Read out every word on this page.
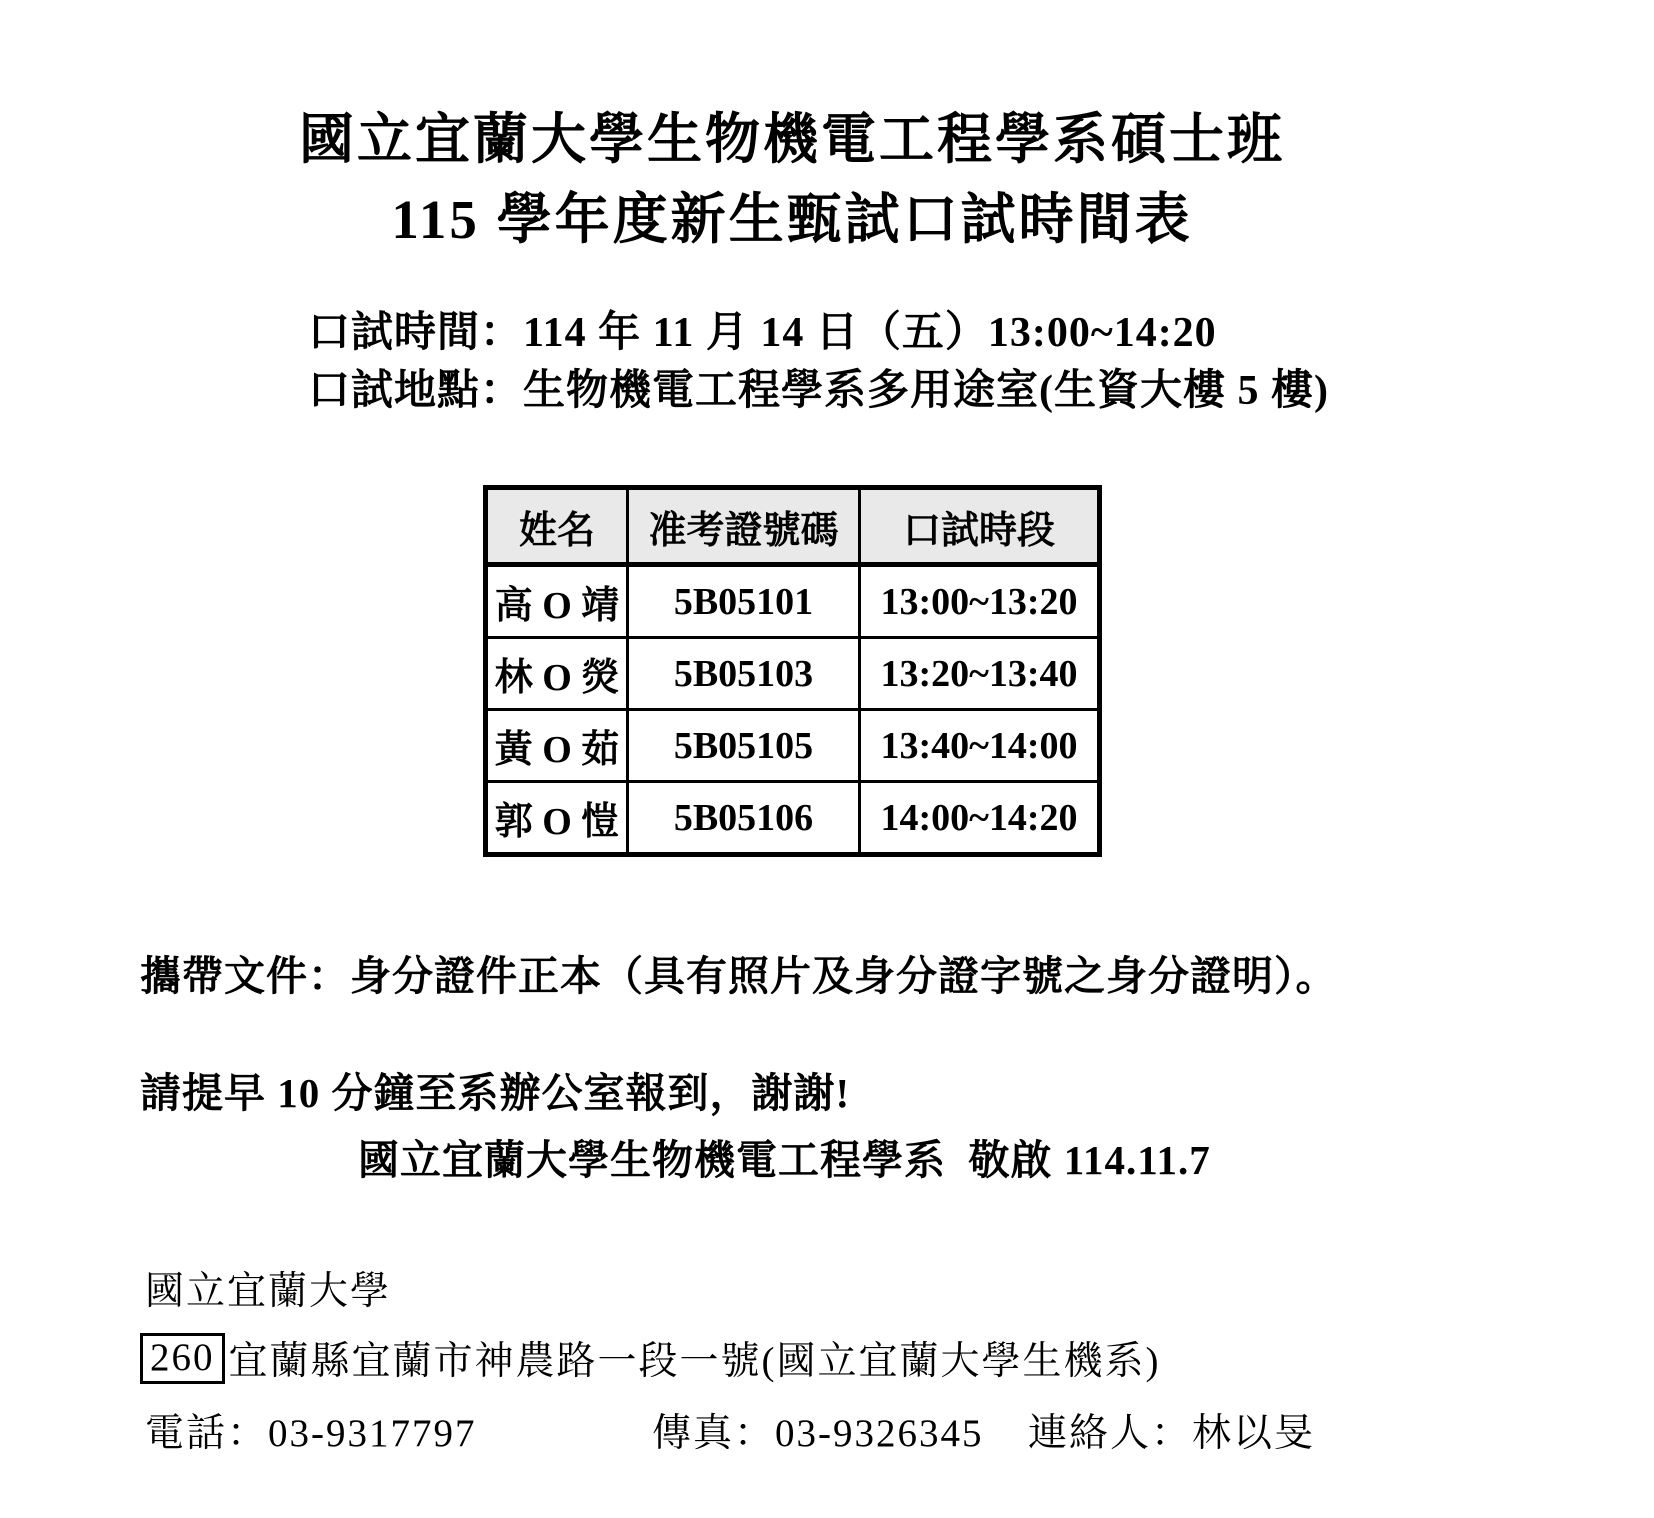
國立宜蘭大學生物機電工程學系碩士班
115 學年度新生甄試口試時間表
口試時間：114 年 11 月 14 日（五）13:00~14:20
口試地點：生物機電工程學系多用途室(生資大樓 5 樓)
姓名	准考證號碼	口試時段
高 O 靖	5B05101	13:00~13:20
林 O 熒	5B05103	13:20~13:40
黃 O 茹	5B05105	13:40~14:00
郭 O 愷	5B05106	14:00~14:20
攜帶文件：身分證件正本（具有照片及身分證字號之身分證明）。
請提早 10 分鐘至系辦公室報到，謝謝!
國立宜蘭大學生物機電工程學系  敬啟 114.11.7
國立宜蘭大學
260 宜蘭縣宜蘭市神農路一段一號(國立宜蘭大學生機系)
電話：03-9317797	傳真：03-9326345 連絡人：林以旻
